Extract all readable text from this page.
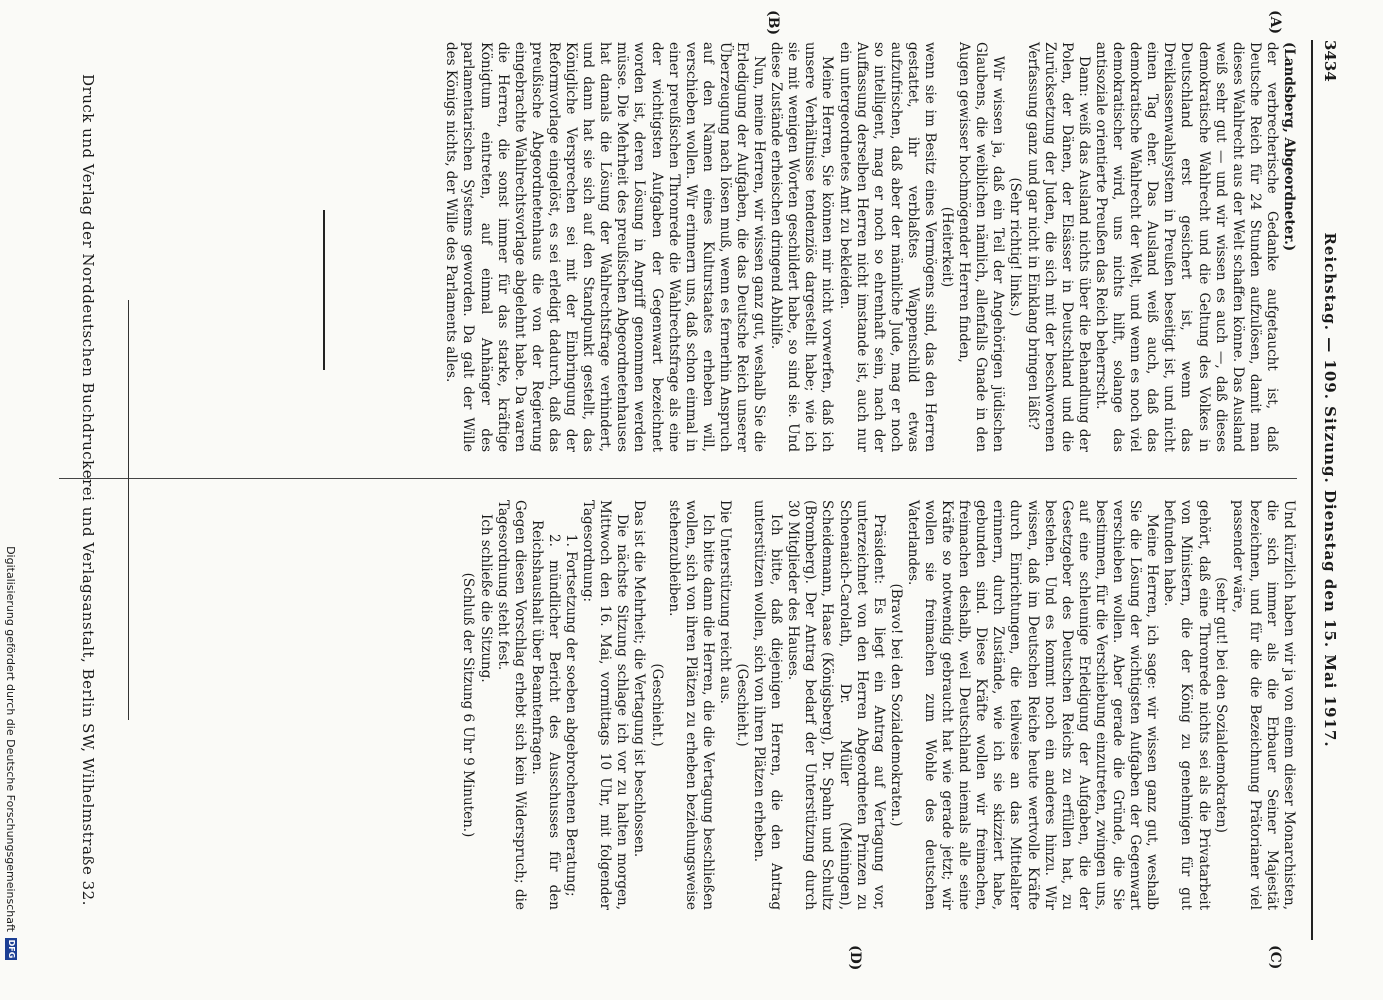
3434
Reichstag. — 109. Sitzung. Dienstag den 15. Mai 1917.
(A)
(B)
(C)
(D)

(Landsberg, Abgeordneter.)

der verbrecherische Gedanke aufgetaucht ist, daß Deutsche Reich für 24 Stunden aufzulösen, damit man dieses Wahlrecht aus der Welt schaffen könne. Das Ausland weiß sehr gut — und wir wissen es auch —, daß dieses demokratische Wahlrecht und die Geltung des Volkes in Deutschland erst gesichert ist, wenn das Dreiklassenwahlsystem in Preußen beseitigt ist, und nicht einen Tag eher. Das Ausland weiß auch, daß das demokratische Wahlrecht der Welt, und wenn es noch viel demokratischer wird, uns nichts hilft, solange das antisoziale orientierte Preußen das Reich beherrscht.

Dann: weiß das Ausland nichts über die Behandlung der Polen, der Dänen, der Elsässer in Deutschland und die Zurücksetzung der Juden, die sich mit der beschworenen Verfassung ganz und gar nicht in Einklang bringen läßt?

(Sehr richtig! links.)

Wir wissen ja, daß ein Teil der Angehörigen jüdischen Glaubens, die weiblichen nämlich, allenfalls Gnade in den Augen gewisser hochmögender Herren finden,

(Heiterkeit)

wenn sie im Besitz eines Vermögens sind, das den Herren gestattet, ihr verblaßtes Wappenschild etwas aufzufrischen, daß aber der männliche Jude, mag er noch so intelligent, mag er noch so ehrenhaft sein, nach der Auffassung derselben Herren nicht imstande ist, auch nur ein untergeordnetes Amt zu bekleiden.

Meine Herren, Sie können mir nicht vorwerfen, daß ich unsere Verhältnisse tendenziös dargestellt habe; wie ich sie mit wenigen Worten geschildert habe, so sind sie. Und diese Zustände erheischen dringend Abhilfe.

Nun, meine Herren, wir wissen ganz gut, weshalb Sie die Erledigung der Aufgaben, die das Deutsche Reich unserer Überzeugung nach lösen muß, wenn es fernerhin Anspruch auf den Namen eines Kulturstaates erheben will, verschieben wollen. Wir erinnern uns, daß schon einmal in einer preußischen Thronrede die Wahlrechtsfrage als eine der wichtigsten Aufgaben der Gegenwart bezeichnet worden ist, deren Lösung in Angriff genommen werden müsse. Die Mehrheit des preußischen Abgeordnetenhauses hat damals die Lösung der Wahlrechtsfrage verhindert, und dann hat sie sich auf den Standpunkt gestellt, das Königliche Versprechen sei mit der Einbringung der Reformvorlage eingelöst, es sei erledigt dadurch, daß das preußische Abgeordnetenhaus die von der Regierung eingebrachte Wahlrechtsvorlage abgelehnt habe. Da waren die Herren, die sonst immer für das starke, kräftige Königtum eintreten, auf einmal Anhänger des parlamentarischen Systems geworden. Da galt der Wille des Königs nichts, der Wille des Parlaments alles.

Und kürzlich haben wir ja von einem dieser Monarchisten, die sich immer als die Erbauer Seiner Majestät bezeichnen, und für die die Bezeichnung Prätorianer viel passender wäre,

(sehr gut! bei den Sozialdemokraten)

gehört, daß eine Thronrede nichts sei als die Privatarbeit von Ministern, die der König zu genehmigen für gut befunden habe.

Meine Herren, ich sage: wir wissen ganz gut, weshalb Sie die Lösung der wichtigsten Aufgaben der Gegenwart verschieben wollen. Aber gerade die Gründe, die Sie bestimmen, für die Verschiebung einzutreten, zwingen uns, auf eine schleunige Erledigung der Aufgaben, die der Gesetzgeber des Deutschen Reichs zu erfüllen hat, zu bestehen. Und es kommt noch ein anderes hinzu. Wir wissen, daß im Deutschen Reiche heute wertvolle Kräfte durch Einrichtungen, die teilweise an das Mittelalter erinnern, durch Zustände, wie ich sie skizziert habe, gebunden sind. Diese Kräfte wollen wir freimachen, freimachen deshalb, weil Deutschland niemals alle seine Kräfte so notwendig gebraucht hat wie gerade jetzt; wir wollen sie freimachen zum Wohle des deutschen Vaterlandes.

(Bravo! bei den Sozialdemokraten.)

Präsident: Es liegt ein Antrag auf Vertagung vor, unterzeichnet von den Herren Abgeordneten Prinzen zu Schoenaich-Carolath, Dr. Müller (Meiningen), Scheidemann, Haase (Königsberg), Dr. Spahn und Schultz (Bromberg). Der Antrag bedarf der Unterstützung durch 30 Mitglieder des Hauses.

Ich bitte, daß diejenigen Herren, die den Antrag unterstützen wollen, sich von ihren Plätzen erheben.

(Geschieht.)

Die Unterstützung reicht aus.

Ich bitte dann die Herren, die die Vertagung beschließen wollen, sich von ihren Plätzen zu erheben beziehungsweise stehenzubleiben.

(Geschieht.)

Das ist die Mehrheit; die Vertagung ist beschlossen.

Die nächste Sitzung schlage ich vor zu halten morgen, Mittwoch den 16. Mai, vormittags 10 Uhr, mit folgender Tagesordnung:

1. Fortsetzung der soeben abgebrochenen Beratung;

2. mündlicher Bericht des Ausschusses für den Reichshaushalt über Beamtenfragen.

Gegen diesen Vorschlag erhebt sich kein Widerspruch; die Tagesordnung steht fest.

Ich schließe die Sitzung.

(Schluß der Sitzung 6 Uhr 9 Minuten.)

Druck und Verlag der Norddeutschen Buchdruckerei und Verlagsanstalt, Berlin SW, Wilhelmstraße 32.
Digitalisierung gefördert durch die Deutsche Forschungsgemeinschaft
DFG
